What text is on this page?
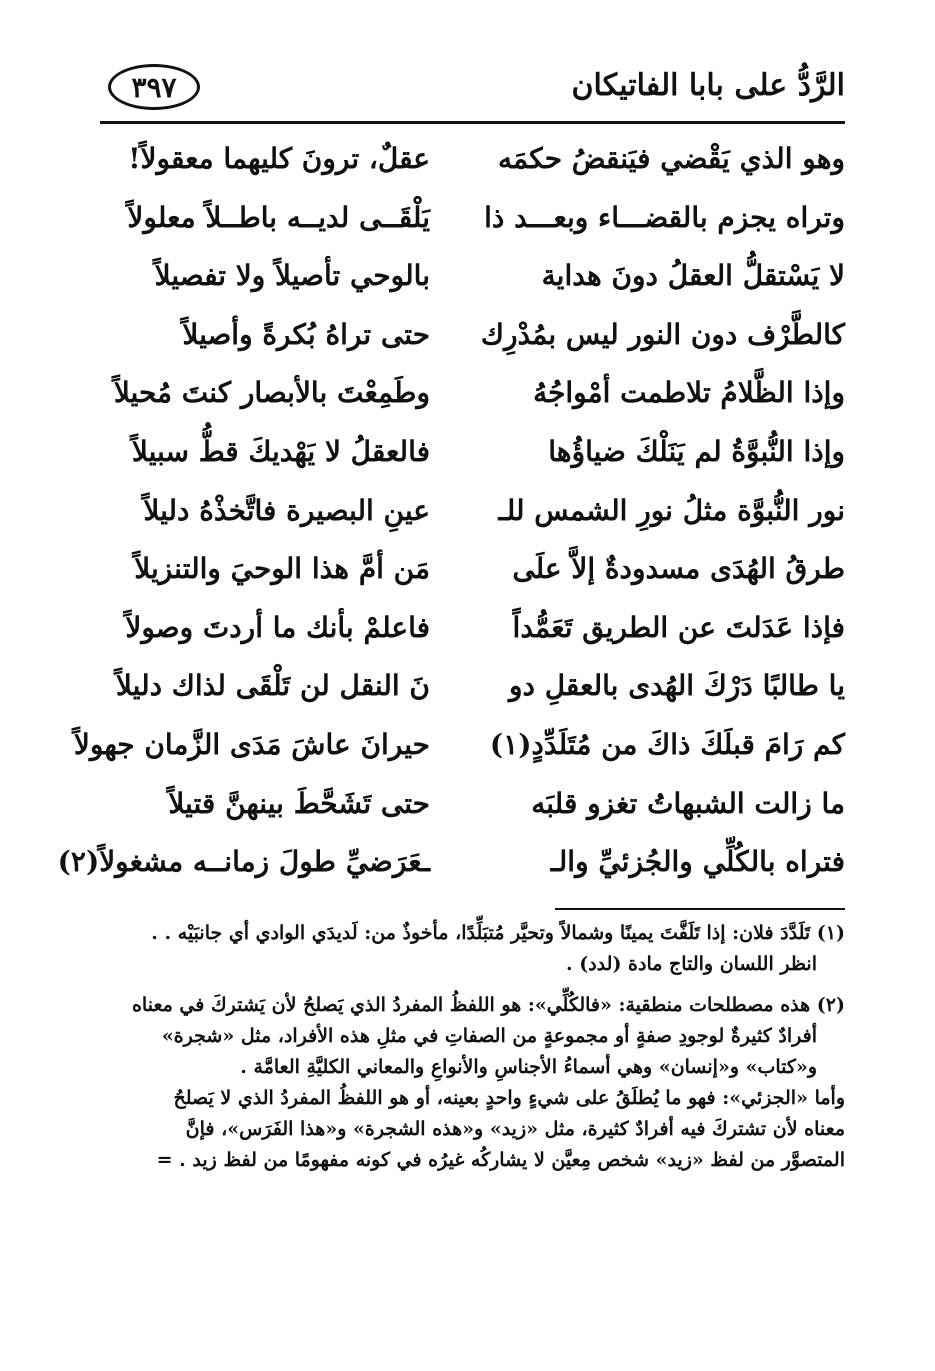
الرَّدُّ على بابا الفاتيكان
٣٩٧
وهو الذي يَقْضي فيَنقضُ حكمَه
عقلٌ، ترونَ كليهما معقولاً!
وتراه يجزم بالقضـــاء وبعـــد ذا
يَلْقَــى لديــه باطــلاً معلولاً
لا يَسْتقلُّ العقلُ دونَ هداية
بالوحي تأصيلاً ولا تفصيلاً
كالطَّرْف دون النور ليس بمُدْرِك
حتى تراهُ بُكرةً وأصيلاً
وإذا الظَّلامُ تلاطمت أمْواجُهُ
وطَمِعْتَ بالأبصار كنتَ مُحيلاً
وإذا النُّبوَّةُ لم يَنَلْكَ ضياؤُها
فالعقلُ لا يَهْديكَ قطُّ سبيلاً
نور النُّبوَّة مثلُ نورِ الشمس للـ
عينِ البصيرة فاتَّخذْهُ دليلاً
طرقُ الهُدَى مسدودةٌ إلاَّ علَى
مَن أمَّ هذا الوحيَ والتنزيلاً
فإذا عَدَلتَ عن الطريق تَعَمُّداً
فاعلمْ بأنك ما أردتَ وصولاً
يا طالبًا دَرْكَ الهُدى بالعقلِ دو
نَ النقل لن تَلْقَى لذاك دليلاً
كم رَامَ قبلَكَ ذاكَ من مُتَلَدِّدٍ(١)
حيرانَ عاشَ مَدَى الزَّمان جهولاً
ما زالت الشبهاتُ تغزو قلبَه
حتى تَشَحَّطَ بينهنَّ قتيلاً
فتراه بالكُلِّي والجُزئيِّ والـ
ـعَرَضيِّ طولَ زمانــه مشغولاً(٢)
(١) تَلَدَّدَ فلان: إذا تَلَفَّتَ يمينًا وشمالاً وتحيَّر مُتبَلِّدًا، مأخوذٌ من: لَديدَي الوادي أي جانبَيْه . .
انظر اللسان والتاج مادة (لدد) .
(٢) هذه مصطلحات منطقية: «فالكُلِّي»: هو اللفظُ المفردُ الذي يَصلحُ لأن يَشتركَ في معناه
أفرادٌ كثيرةٌ لوجودِ صفةٍ أو مجموعةٍ من الصفاتِ في مثلِ هذه الأفراد، مثل «شجرة»
و«كتاب» و«إنسان» وهي أسماءُ الأجناسِ والأنواعِ والمعاني الكليَّةِ العامَّة .
وأما «الجزئي»: فهو ما يُطلَقُ على شيءٍ واحدٍ بعينه، أو هو اللفظُ المفردُ الذي لا يَصلحُ
معناه لأن تشتركَ فيه أفرادٌ كثيرة، مثل «زيد» و«هذه الشجرة» و«هذا الفَرَس»، فإنَّ
المتصوَّر من لفظ «زيد» شخص مِعيَّن لا يشاركُه غيرُه في كونه مفهومًا من لفظ زيد . =
